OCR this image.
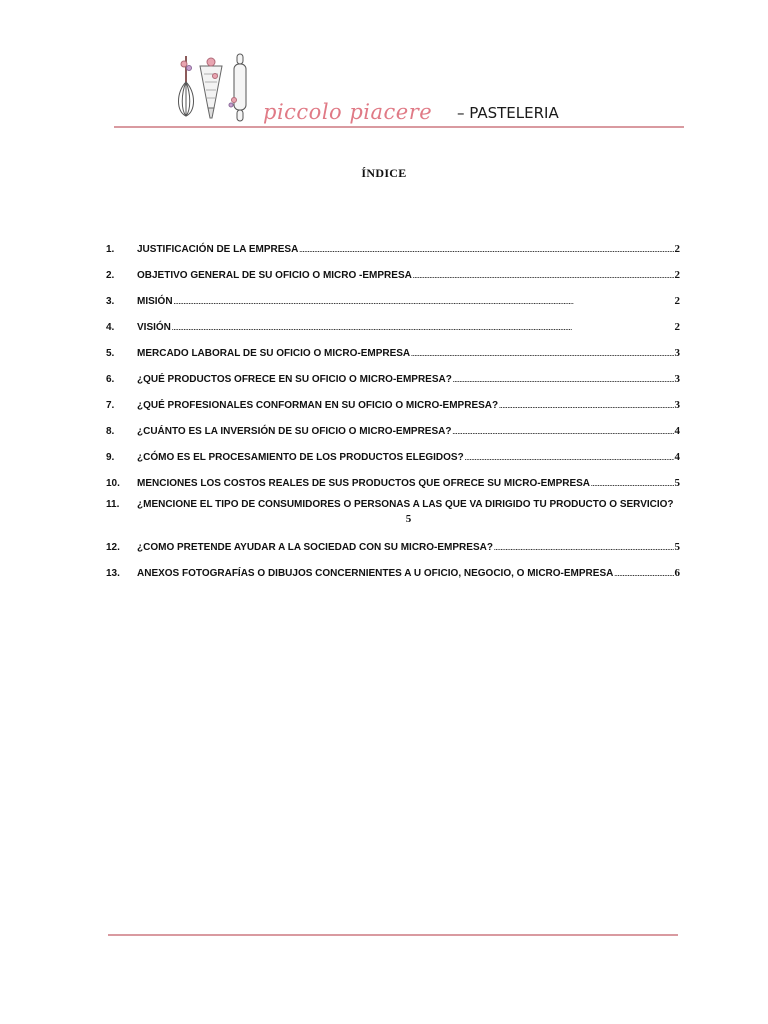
piccolo piacere – PASTELERIA
ÍNDICE
1.	JUSTIFICACIÓN DE LA EMPRESA .....	2
2.	OBJETIVO GENERAL DE SU OFICIO O MICRO -EMPRESA .....	2
3.	MISIÓN .....	2
4.	VISIÓN .....	2
5.	MERCADO LABORAL DE SU OFICIO O MICRO-EMPRESA .....	3
6.	¿QUÉ PRODUCTOS OFRECE EN SU OFICIO O MICRO-EMPRESA? .....	3
7.	¿QUÉ PROFESIONALES CONFORMAN EN SU OFICIO O MICRO-EMPRESA? .....	3
8.	¿CUÁNTO ES LA INVERSIÓN DE SU OFICIO O MICRO-EMPRESA? .....	4
9.	¿CÓMO ES EL PROCESAMIENTO DE LOS PRODUCTOS ELEGIDOS? .....	4
10.	MENCIONES LOS COSTOS REALES DE SUS PRODUCTOS QUE OFRECE SU MICRO-EMPRESA .....	5
11.	¿MENCIONE EL TIPO DE CONSUMIDORES O PERSONAS A LAS QUE VA DIRIGIDO TU PRODUCTO O SERVICIO?
5
12.	¿COMO PRETENDE AYUDAR A LA SOCIEDAD CON SU MICRO-EMPRESA? .....	5
13.	ANEXOS FOTOGRAFÍAS O DIBUJOS CONCERNIENTES A U OFICIO, NEGOCIO, O MICRO-EMPRESA .....	6
